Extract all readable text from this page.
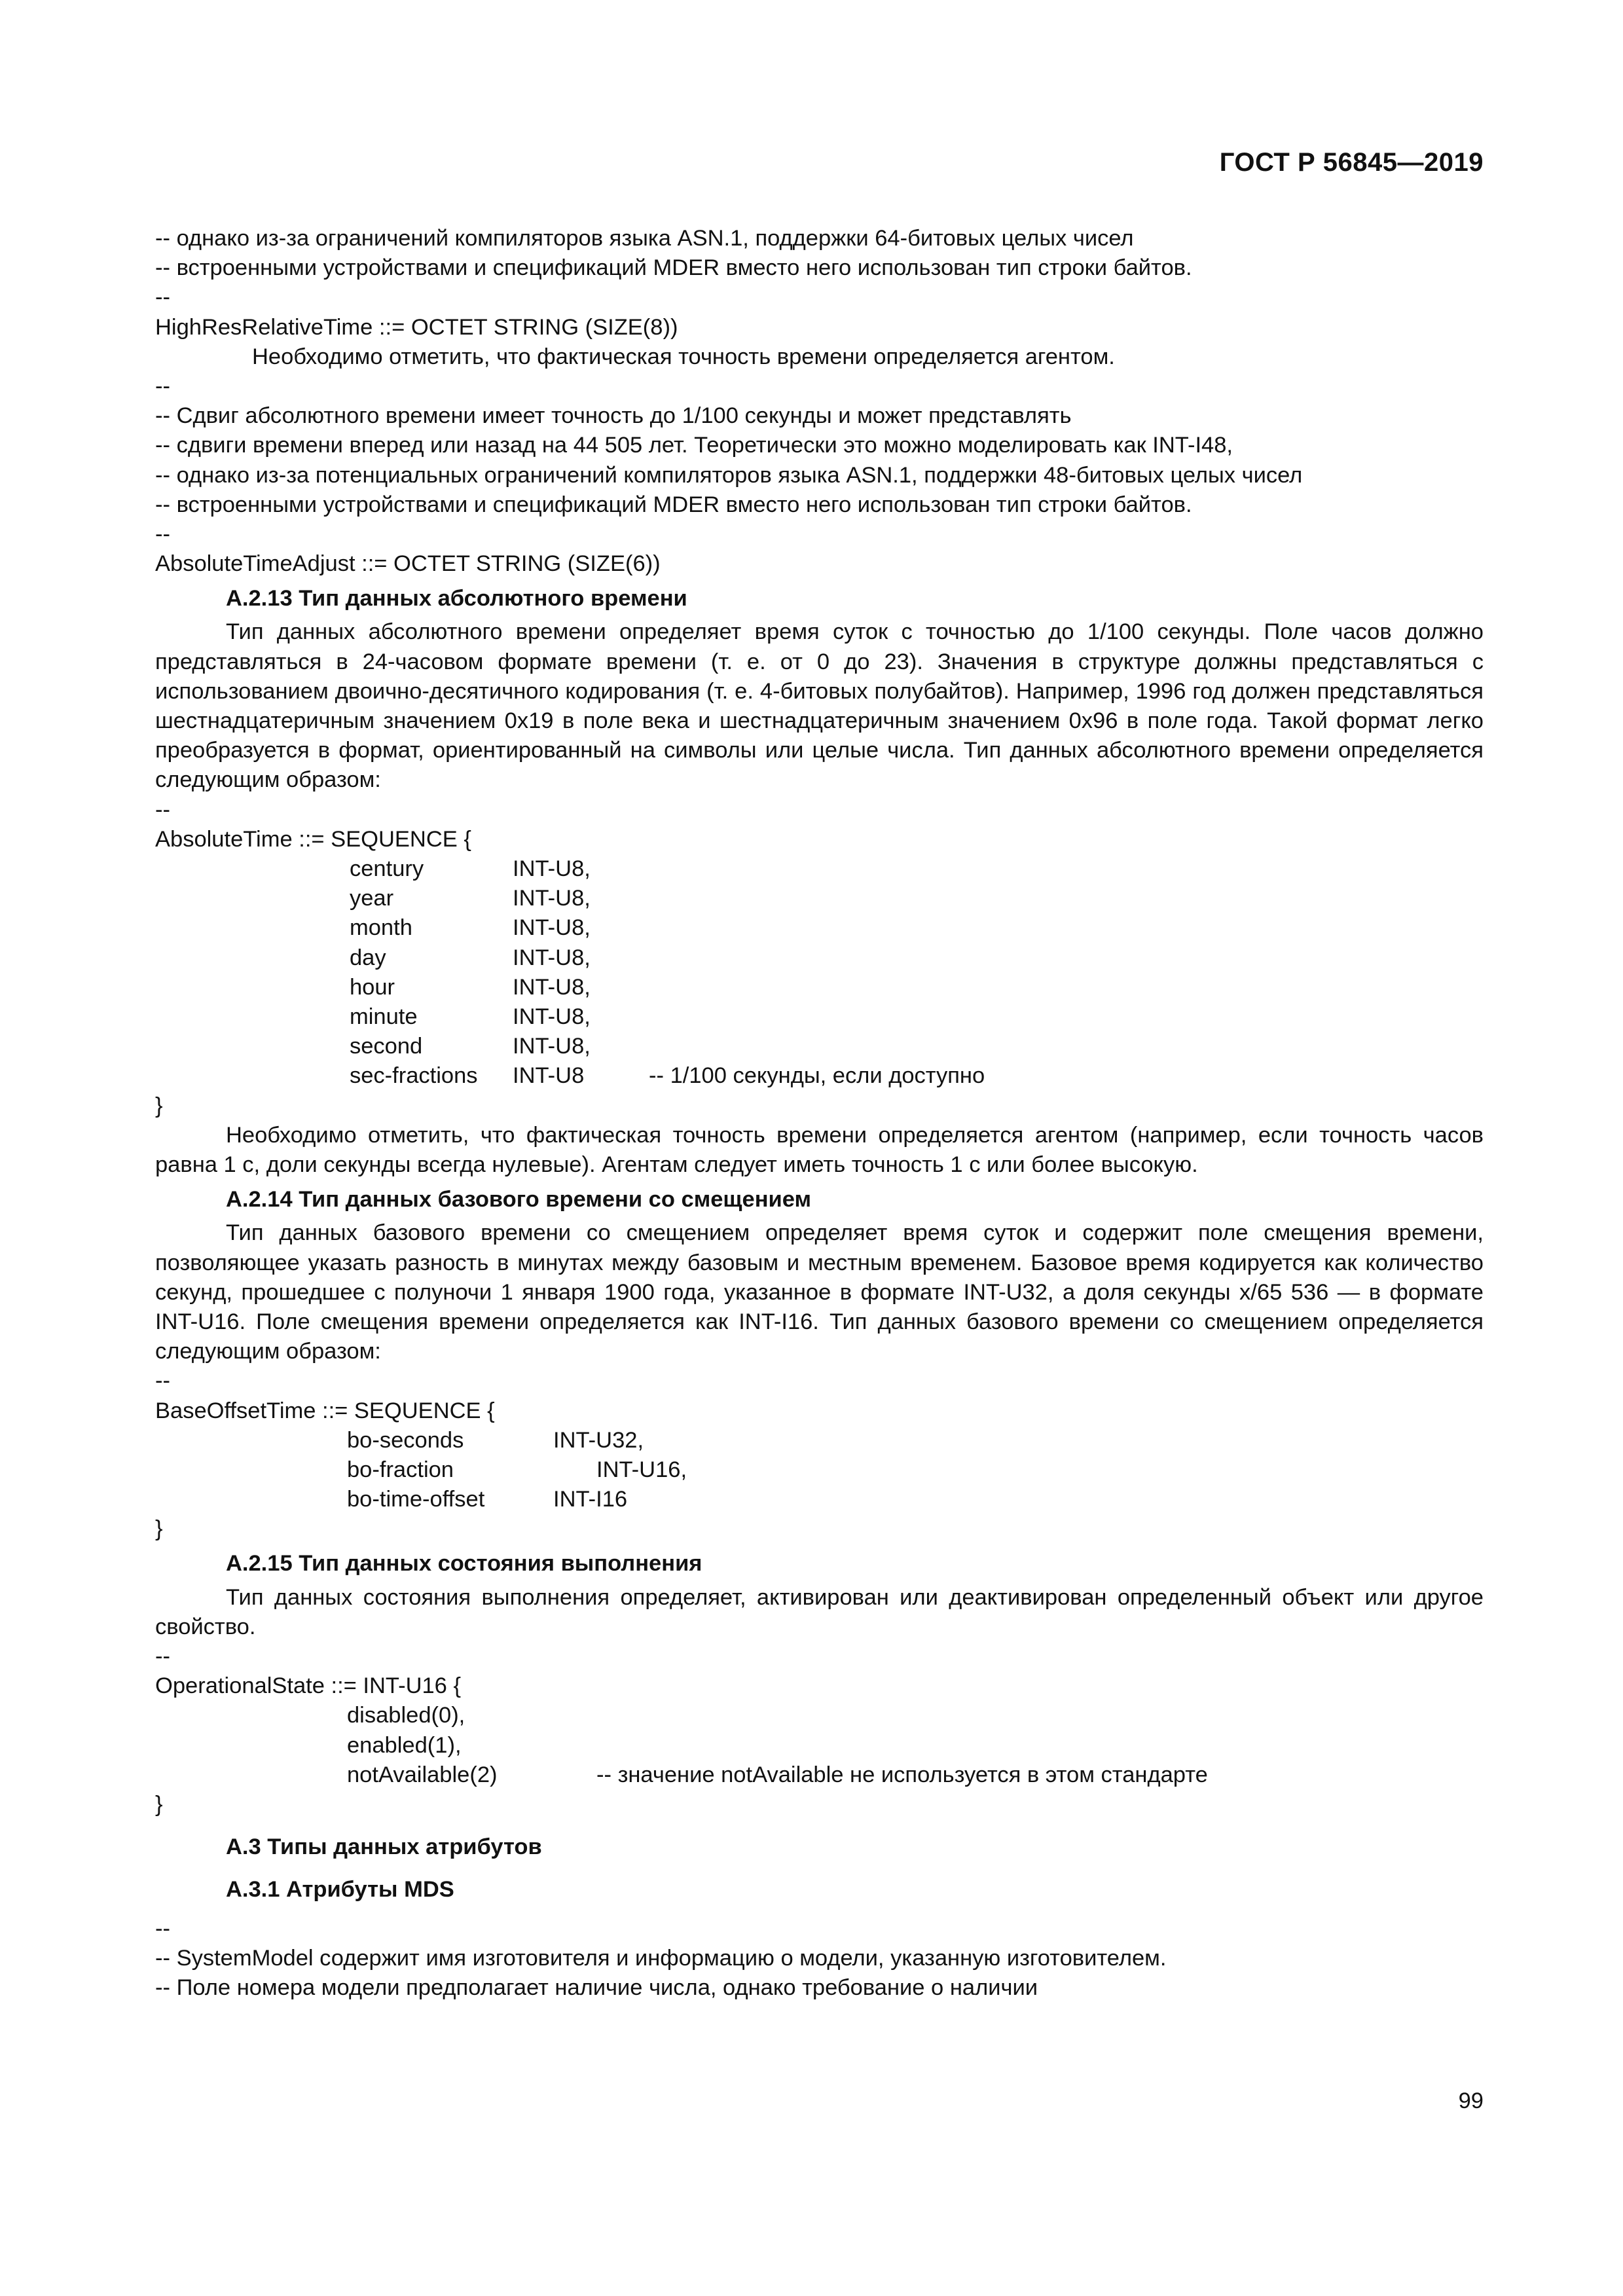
ГОСТ Р 56845—2019
-- однако из-за ограничений компиляторов языка ASN.1, поддержки 64-битовых целых чисел
-- встроенными устройствами и спецификаций MDER вместо него использован тип строки байтов.
--
HighResRelativeTime ::= OCTET STRING (SIZE(8))
Необходимо отметить, что фактическая точность времени определяется агентом.
--
-- Сдвиг абсолютного времени имеет точность до 1/100 секунды и может представлять
-- сдвиги времени вперед или назад на 44 505 лет. Теоретически это можно моделировать как INT-I48,
-- однако из-за потенциальных ограничений компиляторов языка ASN.1, поддержки 48-битовых целых чисел
-- встроенными устройствами и спецификаций MDER вместо него использован тип строки байтов.
--
AbsoluteTimeAdjust ::= OCTET STRING (SIZE(6))
А.2.13 Тип данных абсолютного времени

Тип данных абсолютного времени определяет время суток с точностью до 1/100 секунды. Поле часов должно представляться в 24-часовом формате времени (т. е. от 0 до 23). Значения в структуре должны представляться с использованием двоично-десятичного кодирования (т. е. 4-битовых полубайтов). Например, 1996 год должен представляться шестнадцатеричным значением 0x19 в поле века и шестнадцатеричным значением 0x96 в поле года. Такой формат легко преобразуется в формат, ориентированный на символы или целые числа. Тип данных абсолютного времени определяется следующим образом:

--
AbsoluteTime ::= SEQUENCE {
century	INT-U8,
year	INT-U8,
month	INT-U8,
day	INT-U8,
hour	INT-U8,
minute	INT-U8,
second	INT-U8,
sec-fractions INT-U8	-- 1/100 секунды, если доступно
}

Необходимо отметить, что фактическая точность времени определяется агентом (например, если точность часов равна 1 с, доли секунды всегда нулевые). Агентам следует иметь точность 1 с или более высокую.

А.2.14 Тип данных базового времени со смещением

Тип данных базового времени со смещением определяет время суток и содержит поле смещения времени, позволяющее указать разность в минутах между базовым и местным временем. Базовое время кодируется как количество секунд, прошедшее с полуночи 1 января 1900 года, указанное в формате INT-U32, а доля секунды x/65 536 — в формате INT-U16. Поле смещения времени определяется как INT-I16. Тип данных базового времени со смещением определяется следующим образом:

--
BaseOffsetTime ::= SEQUENCE {
bo-seconds	INT-U32,
bo-fraction	INT-U16,
bo-time-offset	INT-I16
}
А.2.15 Тип данных состояния выполнения

Тип данных состояния выполнения определяет, активирован или деактивирован определенный объект или другое свойство.

--
OperationalState ::= INT-U16 {
disabled(0),
enabled(1),
notAvailable(2)	-- значение notAvailable не используется в этом стандарте
}
А.3 Типы данных атрибутов
А.3.1 Атрибуты MDS
--
-- SystemModel содержит имя изготовителя и информацию о модели, указанную изготовителем.
-- Поле номера модели предполагает наличие числа, однако требование о наличии
99
